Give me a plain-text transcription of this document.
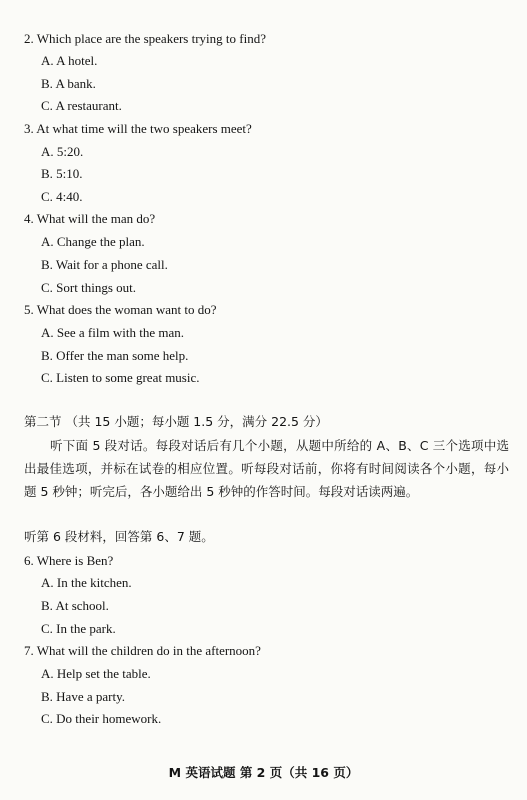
2. Which place are the speakers trying to find?
A. A hotel.
B. A bank.
C. A restaurant.
3. At what time will the two speakers meet?
A. 5:20.
B. 5:10.
C. 4:40.
4. What will the man do?
A. Change the plan.
B. Wait for a phone call.
C. Sort things out.
5. What does the woman want to do?
A. See a film with the man.
B. Offer the man some help.
C. Listen to some great music.
第二节 （共 15 小题；每小题 1.5 分，满分 22.5 分）
听下面 5 段对话。每段对话后有几个小题，从题中所给的 A、B、C 三个选项中选出最佳选项，并标在试卷的相应位置。听每段对话前，你将有时间阅读各个小题，每小题 5 秒钟；听完后，各小题给出 5 秒钟的作答时间。每段对话读两遍。
听第 6 段材料，回答第 6、7 题。
6. Where is Ben?
A. In the kitchen.
B. At school.
C. In the park.
7. What will the children do in the afternoon?
A. Help set the table.
B. Have a party.
C. Do their homework.
M 英语试题 第 2 页（共 16 页）
